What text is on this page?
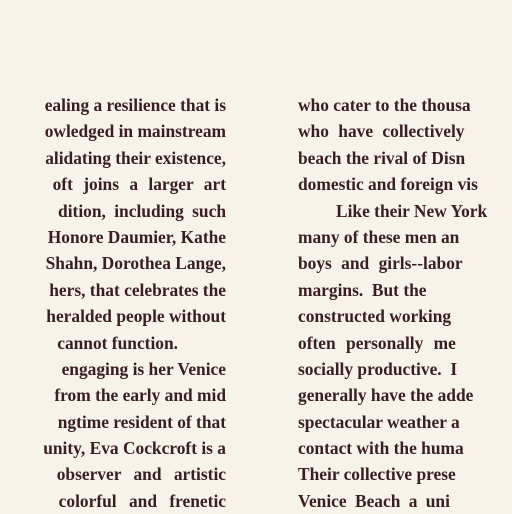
ealing a resilience that is
owledged in mainstream
alidating their existence,
oft joins a larger art
dition, including such
Honore Daumier, Kathe
Shahn, Dorothea Lange,
hers, that celebrates the
heralded people without
cannot function.
engaging is her Venice
from the early and mid
ngtime resident of that
unity, Eva Cockcroft is a
observer and artistic
colorful and frenetic
who cater to the thousa
who have collectively
beach the rival of Disn
domestic and foreign vis
Like their New York
many of these men an
boys and girls--labor
margins.  But the
constructed working
often personally me
socially productive.  I
generally have the adde
spectacular weather a
contact with the huma
Their collective prese
Venice Beach a uni
